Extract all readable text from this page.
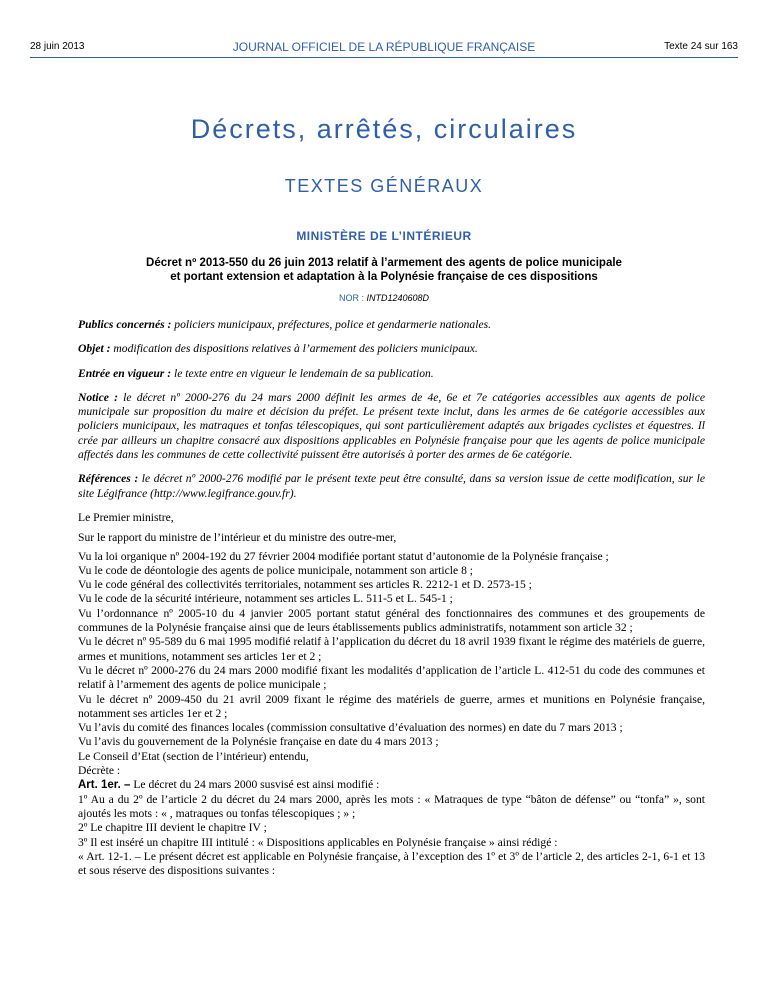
28 juin 2013	JOURNAL OFFICIEL DE LA RÉPUBLIQUE FRANÇAISE	Texte 24 sur 163
Décrets, arrêtés, circulaires
TEXTES GÉNÉRAUX
MINISTÈRE DE L’INTÉRIEUR
Décret nº 2013-550 du 26 juin 2013 relatif à l’armement des agents de police municipale
et portant extension et adaptation à la Polynésie française de ces dispositions
NOR : INTD1240608D

Publics concernés : policiers municipaux, préfectures, police et gendarmerie nationales.

Objet : modification des dispositions relatives à l’armement des policiers municipaux.

Entrée en vigueur : le texte entre en vigueur le lendemain de sa publication.

Notice : le décret nº 2000-276 du 24 mars 2000 définit les armes de 4e, 6e et 7e catégories accessibles aux agents de police municipale sur proposition du maire et décision du préfet. Le présent texte inclut, dans les armes de 6e catégorie accessibles aux policiers municipaux, les matraques et tonfas télescopiques, qui sont particulièrement adaptés aux brigades cyclistes et équestres. Il crée par ailleurs un chapitre consacré aux dispositions applicables en Polynésie française pour que les agents de police municipale affectés dans les communes de cette collectivité puissent être autorisés à porter des armes de 6e catégorie.

Références : le décret nº 2000-276 modifié par le présent texte peut être consulté, dans sa version issue de cette modification, sur le site Légifrance (http://www.legifrance.gouv.fr).

Le Premier ministre,

Sur le rapport du ministre de l’intérieur et du ministre des outre-mer,

Vu la loi organique nº 2004-192 du 27 février 2004 modifiée portant statut d’autonomie de la Polynésie française ;

Vu le code de déontologie des agents de police municipale, notamment son article 8 ;

Vu le code général des collectivités territoriales, notamment ses articles R. 2212-1 et D. 2573-15 ;

Vu le code de la sécurité intérieure, notamment ses articles L. 511-5 et L. 545-1 ;

Vu l’ordonnance nº 2005-10 du 4 janvier 2005 portant statut général des fonctionnaires des communes et des groupements de communes de la Polynésie française ainsi que de leurs établissements publics administratifs, notamment son article 32 ;

Vu le décret nº 95-589 du 6 mai 1995 modifié relatif à l’application du décret du 18 avril 1939 fixant le régime des matériels de guerre, armes et munitions, notamment ses articles 1er et 2 ;

Vu le décret nº 2000-276 du 24 mars 2000 modifié fixant les modalités d’application de l’article L. 412-51 du code des communes et relatif à l’armement des agents de police municipale ;

Vu le décret nº 2009-450 du 21 avril 2009 fixant le régime des matériels de guerre, armes et munitions en Polynésie française, notamment ses articles 1er et 2 ;

Vu l’avis du comité des finances locales (commission consultative d’évaluation des normes) en date du 7 mars 2013 ;

Vu l’avis du gouvernement de la Polynésie française en date du 4 mars 2013 ;

Le Conseil d’Etat (section de l’intérieur) entendu,

Décrète :

Art. 1er. – Le décret du 24 mars 2000 susvisé est ainsi modifié :

1º Au a du 2º de l’article 2 du décret du 24 mars 2000, après les mots : « Matraques de type “bâton de défense” ou “tonfa” », sont ajoutés les mots : « , matraques ou tonfas télescopiques ; » ;

2º Le chapitre III devient le chapitre IV ;

3º Il est inséré un chapitre III intitulé : « Dispositions applicables en Polynésie française » ainsi rédigé :

« Art. 12-1. – Le présent décret est applicable en Polynésie française, à l’exception des 1º et 3º de l’article 2, des articles 2-1, 6-1 et 13 et sous réserve des dispositions suivantes :
